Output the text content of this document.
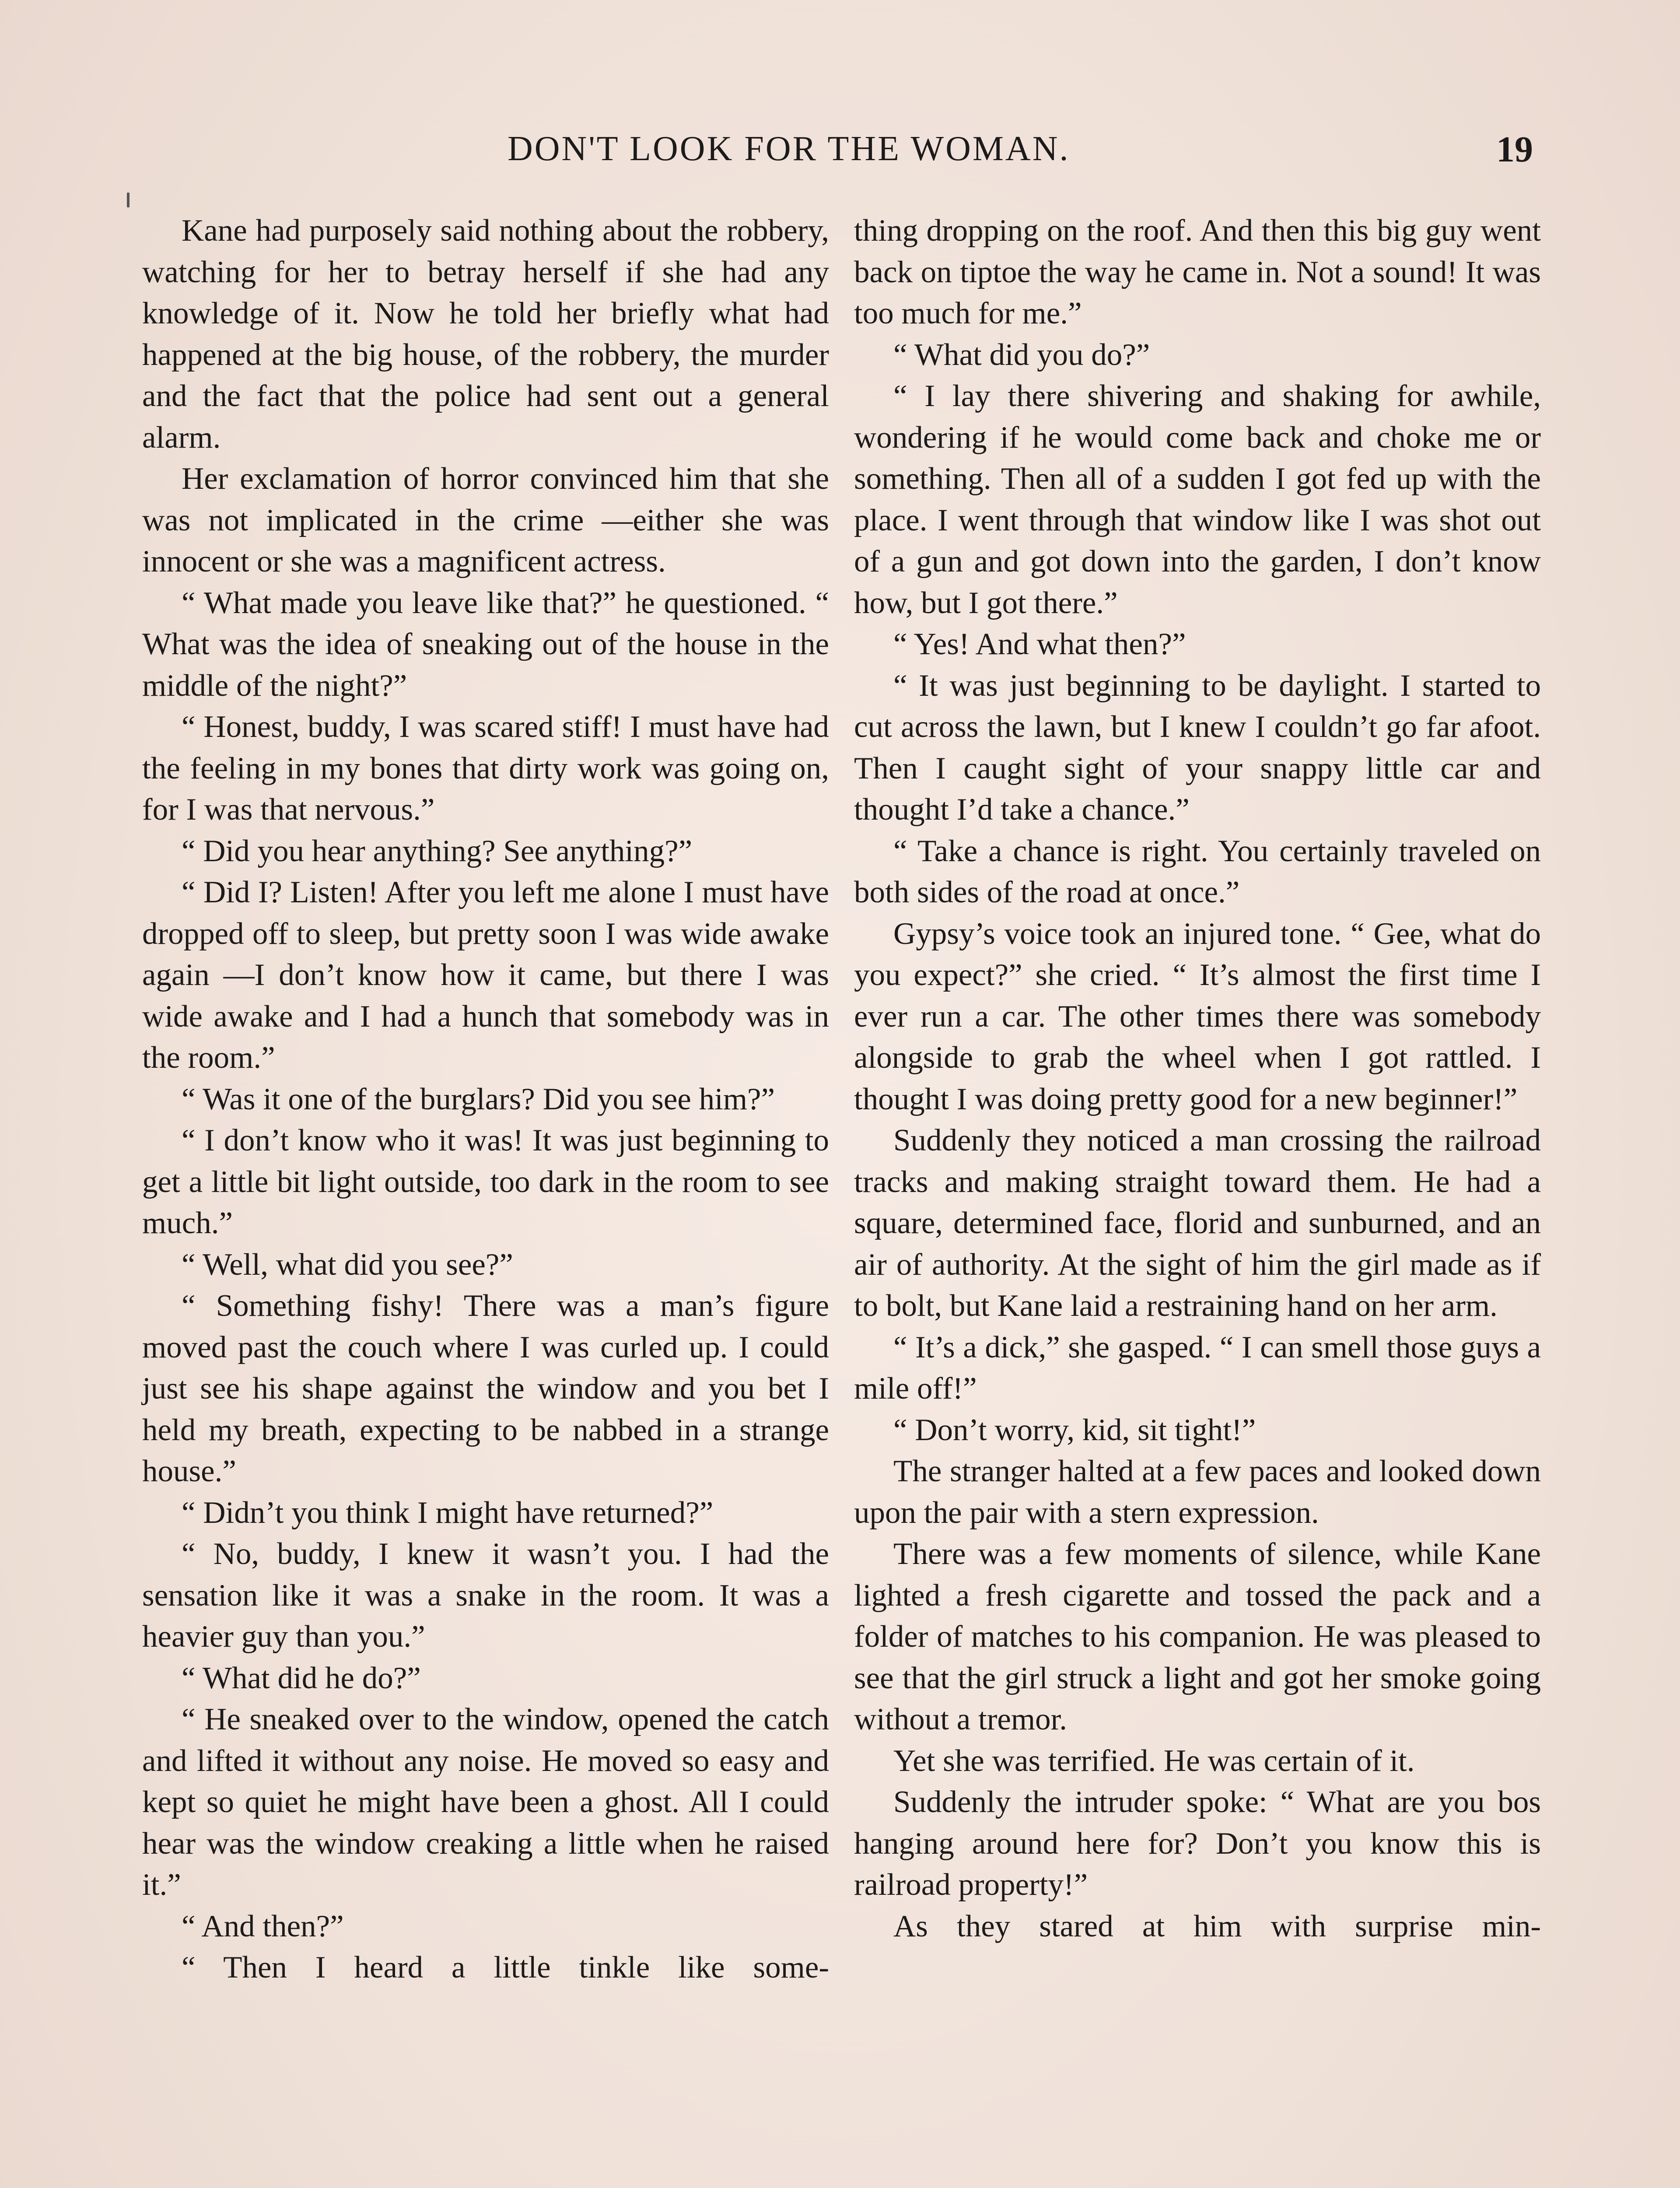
DON'T LOOK FOR THE WOMAN.	19

Kane had purposely said nothing about the robbery, watching for her to betray herself if she had any knowledge of it. Now he told her briefly what had happened at the big house, of the robbery, the murder and the fact that the police had sent out a general alarm.

Her exclamation of horror convinced him that she was not implicated in the crime —either she was innocent or she was a magnificent actress.

“ What made you leave like that?” he questioned. “ What was the idea of sneaking out of the house in the middle of the night?”

“ Honest, buddy, I was scared stiff! I must have had the feeling in my bones that dirty work was going on, for I was that nervous.”

“ Did you hear anything? See anything?”

“ Did I? Listen! After you left me alone I must have dropped off to sleep, but pretty soon I was wide awake again —I don’t know how it came, but there I was wide awake and I had a hunch that somebody was in the room.”

“ Was it one of the burglars? Did you see him?”

“ I don’t know who it was! It was just beginning to get a little bit light outside, too dark in the room to see much.”

“ Well, what did you see?”

“ Something fishy! There was a man’s figure moved past the couch where I was curled up. I could just see his shape against the window and you bet I held my breath, expecting to be nabbed in a strange house.”

“ Didn’t you think I might have returned?”

“ No, buddy, I knew it wasn’t you. I had the sensation like it was a snake in the room. It was a heavier guy than you.”

“ What did he do?”

“ He sneaked over to the window, opened the catch and lifted it without any noise. He moved so easy and kept so quiet he might have been a ghost. All I could hear was the window creaking a little when he raised it.”

“ And then?”

“ Then I heard a little tinkle like some-

thing dropping on the roof. And then this big guy went back on tiptoe the way he came in. Not a sound! It was too much for me.”

“ What did you do?”

“ I lay there shivering and shaking for awhile, wondering if he would come back and choke me or something. Then all of a sudden I got fed up with the place. I went through that window like I was shot out of a gun and got down into the garden, I don’t know how, but I got there.”

“ Yes! And what then?”

“ It was just beginning to be daylight. I started to cut across the lawn, but I knew I couldn’t go far afoot. Then I caught sight of your snappy little car and thought I’d take a chance.”

“ Take a chance is right. You certainly traveled on both sides of the road at once.”

Gypsy’s voice took an injured tone. “ Gee, what do you expect?” she cried. “ It’s almost the first time I ever run a car. The other times there was somebody alongside to grab the wheel when I got rattled. I thought I was doing pretty good for a new beginner!”

Suddenly they noticed a man crossing the railroad tracks and making straight toward them. He had a square, determined face, florid and sunburned, and an air of authority. At the sight of him the girl made as if to bolt, but Kane laid a restraining hand on her arm.

“ It’s a dick,” she gasped. “ I can smell those guys a mile off!”

“ Don’t worry, kid, sit tight!”

The stranger halted at a few paces and looked down upon the pair with a stern expression.

There was a few moments of silence, while Kane lighted a fresh cigarette and tossed the pack and a folder of matches to his companion. He was pleased to see that the girl struck a light and got her smoke going without a tremor.

Yet she was terrified. He was certain of it.

Suddenly the intruder spoke: “ What are you bos hanging around here for? Don’t you know this is railroad property!”

As they stared at him with surprise min-
